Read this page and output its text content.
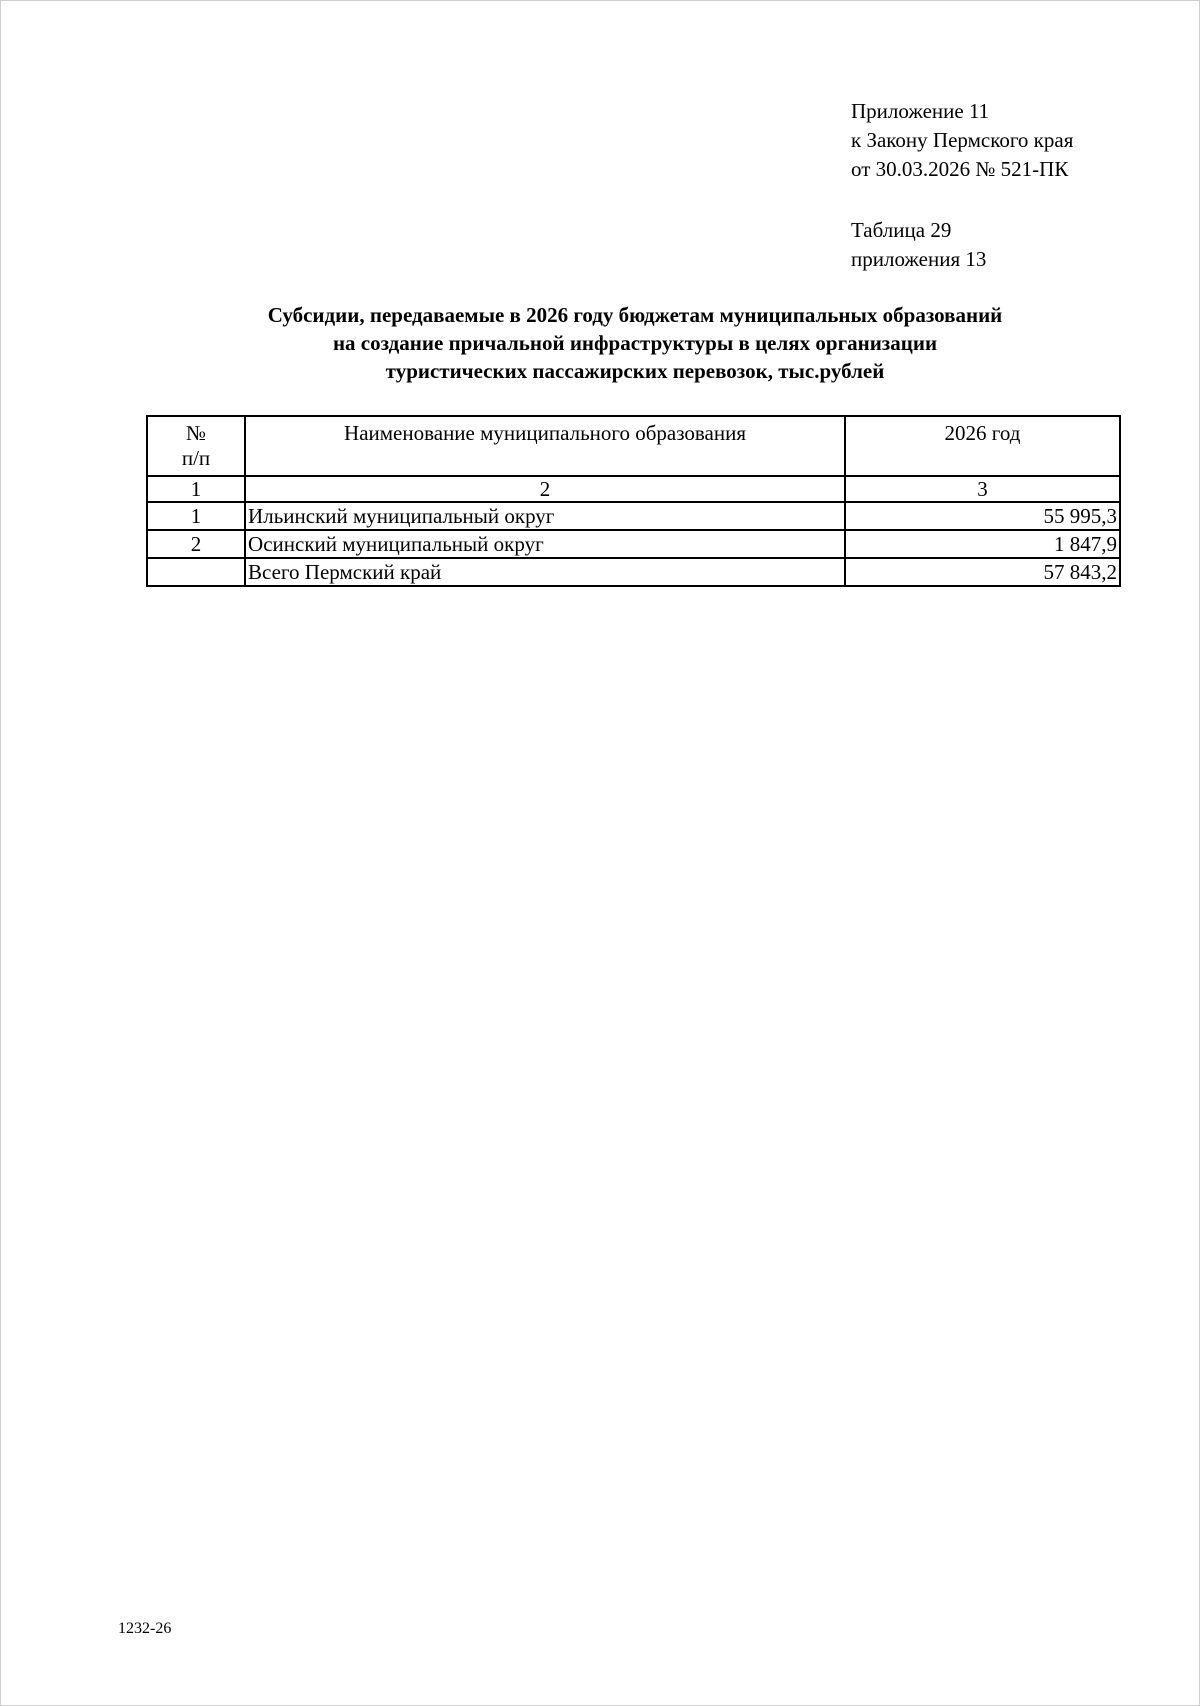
Приложение 11
к Закону Пермского края
от 30.03.2026 № 521-ПК
Таблица 29
приложения 13
Субсидии, передаваемые в 2026 году бюджетам муниципальных образований
на создание причальной инфраструктуры в целях организации
туристических пассажирских перевозок, тыс.рублей
№
п/п	Наименование муниципального образования	2026 год
1	2	3
1	Ильинский муниципальный округ	55 995,3
2	Осинский муниципальный округ	1 847,9
	Всего Пермский край	57 843,2
1232-26
